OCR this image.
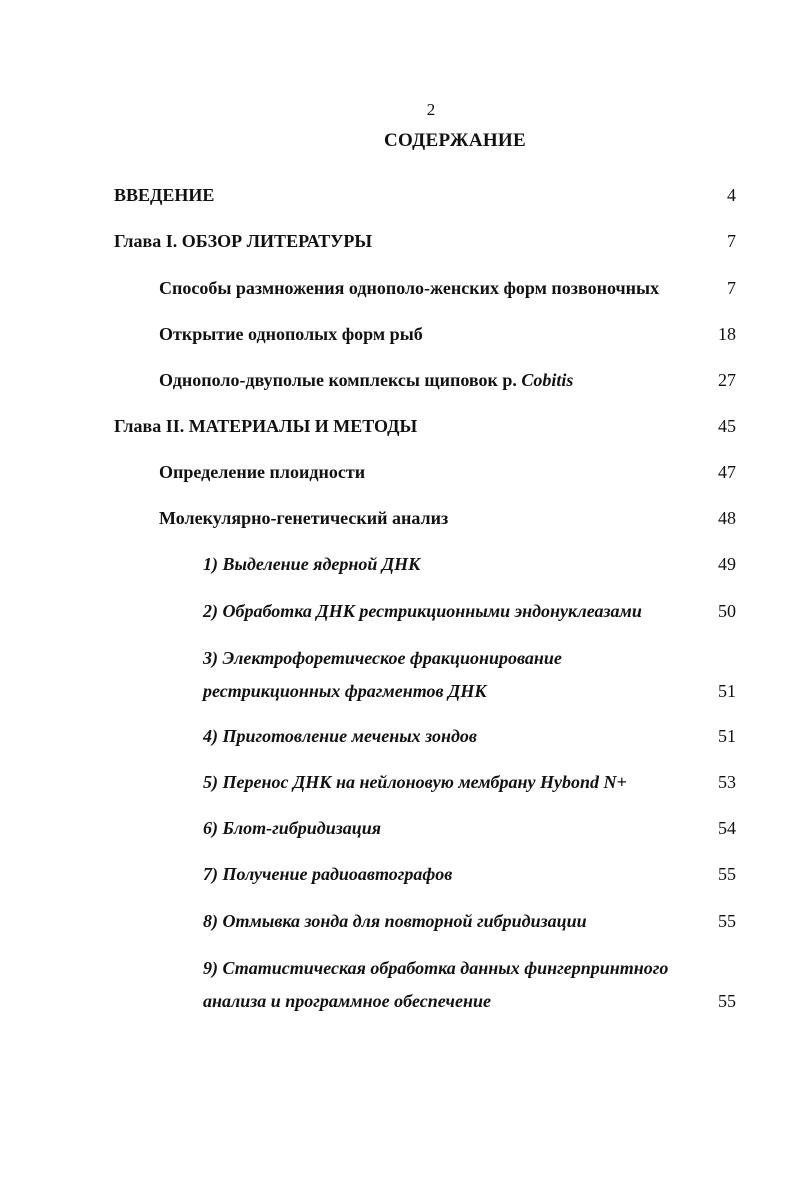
2
СОДЕРЖАНИЕ
ВВЕДЕНИЕ	4
Глава I. ОБЗОР ЛИТЕРАТУРЫ	7
Способы размножения однополо-женских форм позвоночных	7
Открытие однополых форм рыб	18
Однополо-двуполые комплексы щиповок р. Cobitis	27
Глава II. МАТЕРИАЛЫ И МЕТОДЫ	45
Определение плоидности	47
Молекулярно-генетический анализ	48
1) Выделение ядерной ДНК	49
2) Обработка ДНК рестрикционными эндонуклеазами	50
3) Электрофоретическое фракционирование
рестрикционных фрагментов ДНК	51
4) Приготовление меченых зондов	51
5) Перенос ДНК на нейлоновую мембрану Hybond N+	53
6) Блот-гибридизация	54
7) Получение радиоавтографов	55
8) Отмывка зонда для повторной гибридизации	55
9) Статистическая обработка данных фингерпринтного
анализа и программное обеспечение	55
